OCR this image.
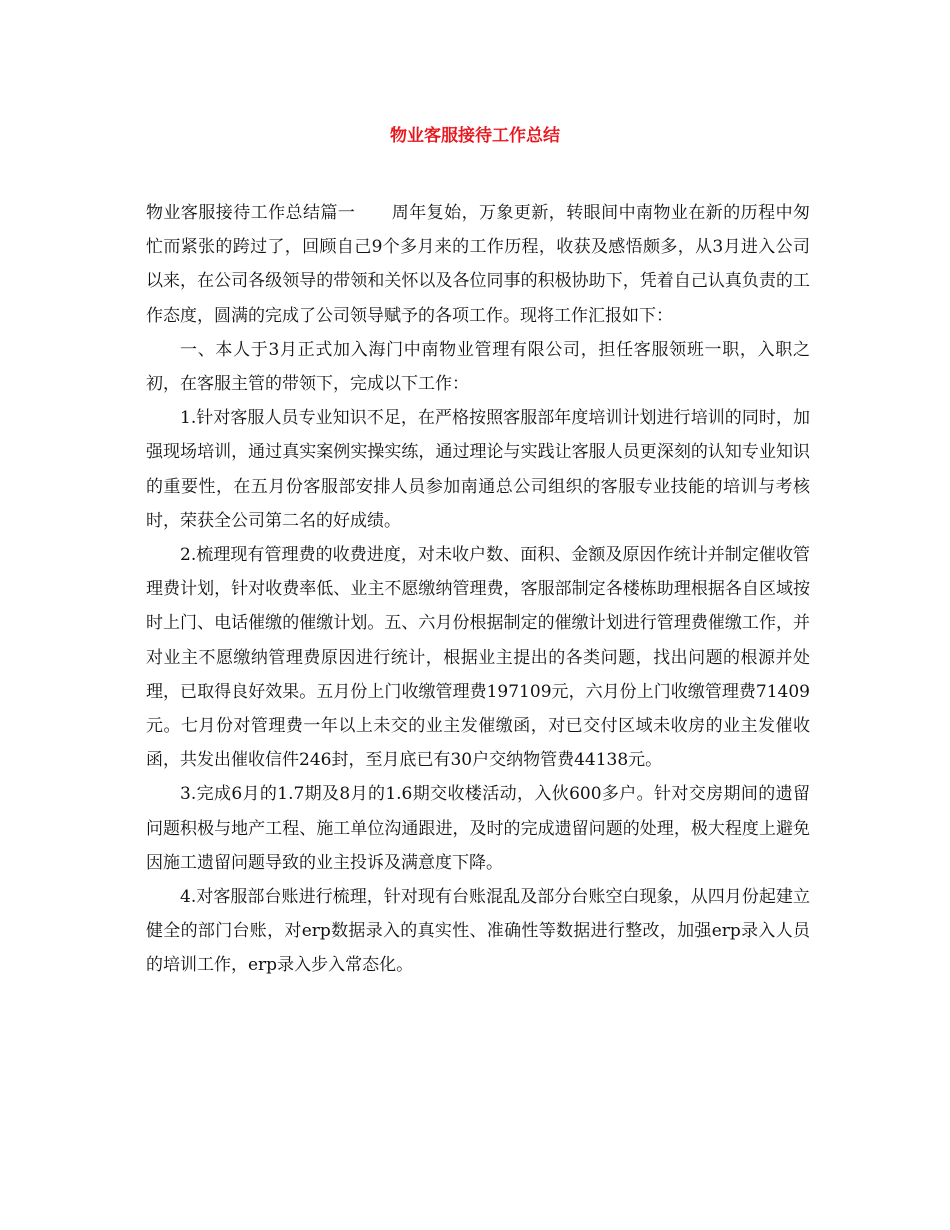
物业客服接待工作总结

物业客服接待工作总结篇一 周年复始，万象更新，转眼间中南物业在新的历程中匆忙而紧张的跨过了，回顾自己9个多月来的工作历程，收获及感悟颇多，从3月进入公司以来，在公司各级领导的带领和关怀以及各位同事的积极协助下，凭着自己认真负责的工作态度，圆满的完成了公司领导赋予的各项工作。现将工作汇报如下：

一、本人于3月正式加入海门中南物业管理有限公司，担任客服领班一职，入职之初，在客服主管的带领下，完成以下工作：

1.针对客服人员专业知识不足，在严格按照客服部年度培训计划进行培训的同时，加强现场培训，通过真实案例实操实练，通过理论与实践让客服人员更深刻的认知专业知识的重要性，在五月份客服部安排人员参加南通总公司组织的客服专业技能的培训与考核时，荣获全公司第二名的好成绩。

2.梳理现有管理费的收费进度，对未收户数、面积、金额及原因作统计并制定催收管理费计划，针对收费率低、业主不愿缴纳管理费，客服部制定各楼栋助理根据各自区域按时上门、电话催缴的催缴计划。五、六月份根据制定的催缴计划进行管理费催缴工作，并对业主不愿缴纳管理费原因进行统计，根据业主提出的各类问题，找出问题的根源并处理，已取得良好效果。五月份上门收缴管理费197109元，六月份上门收缴管理费71409元。七月份对管理费一年以上未交的业主发催缴函，对已交付区域未收房的业主发催收函，共发出催收信件246封，至月底已有30户交纳物管费44138元。

3.完成6月的1.7期及8月的1.6期交收楼活动，入伙600多户。针对交房期间的遗留问题积极与地产工程、施工单位沟通跟进，及时的完成遗留问题的处理，极大程度上避免因施工遗留问题导致的业主投诉及满意度下降。

4.对客服部台账进行梳理，针对现有台账混乱及部分台账空白现象，从四月份起建立健全的部门台账，对erp数据录入的真实性、准确性等数据进行整改，加强erp录入人员的培训工作，erp录入步入常态化。
